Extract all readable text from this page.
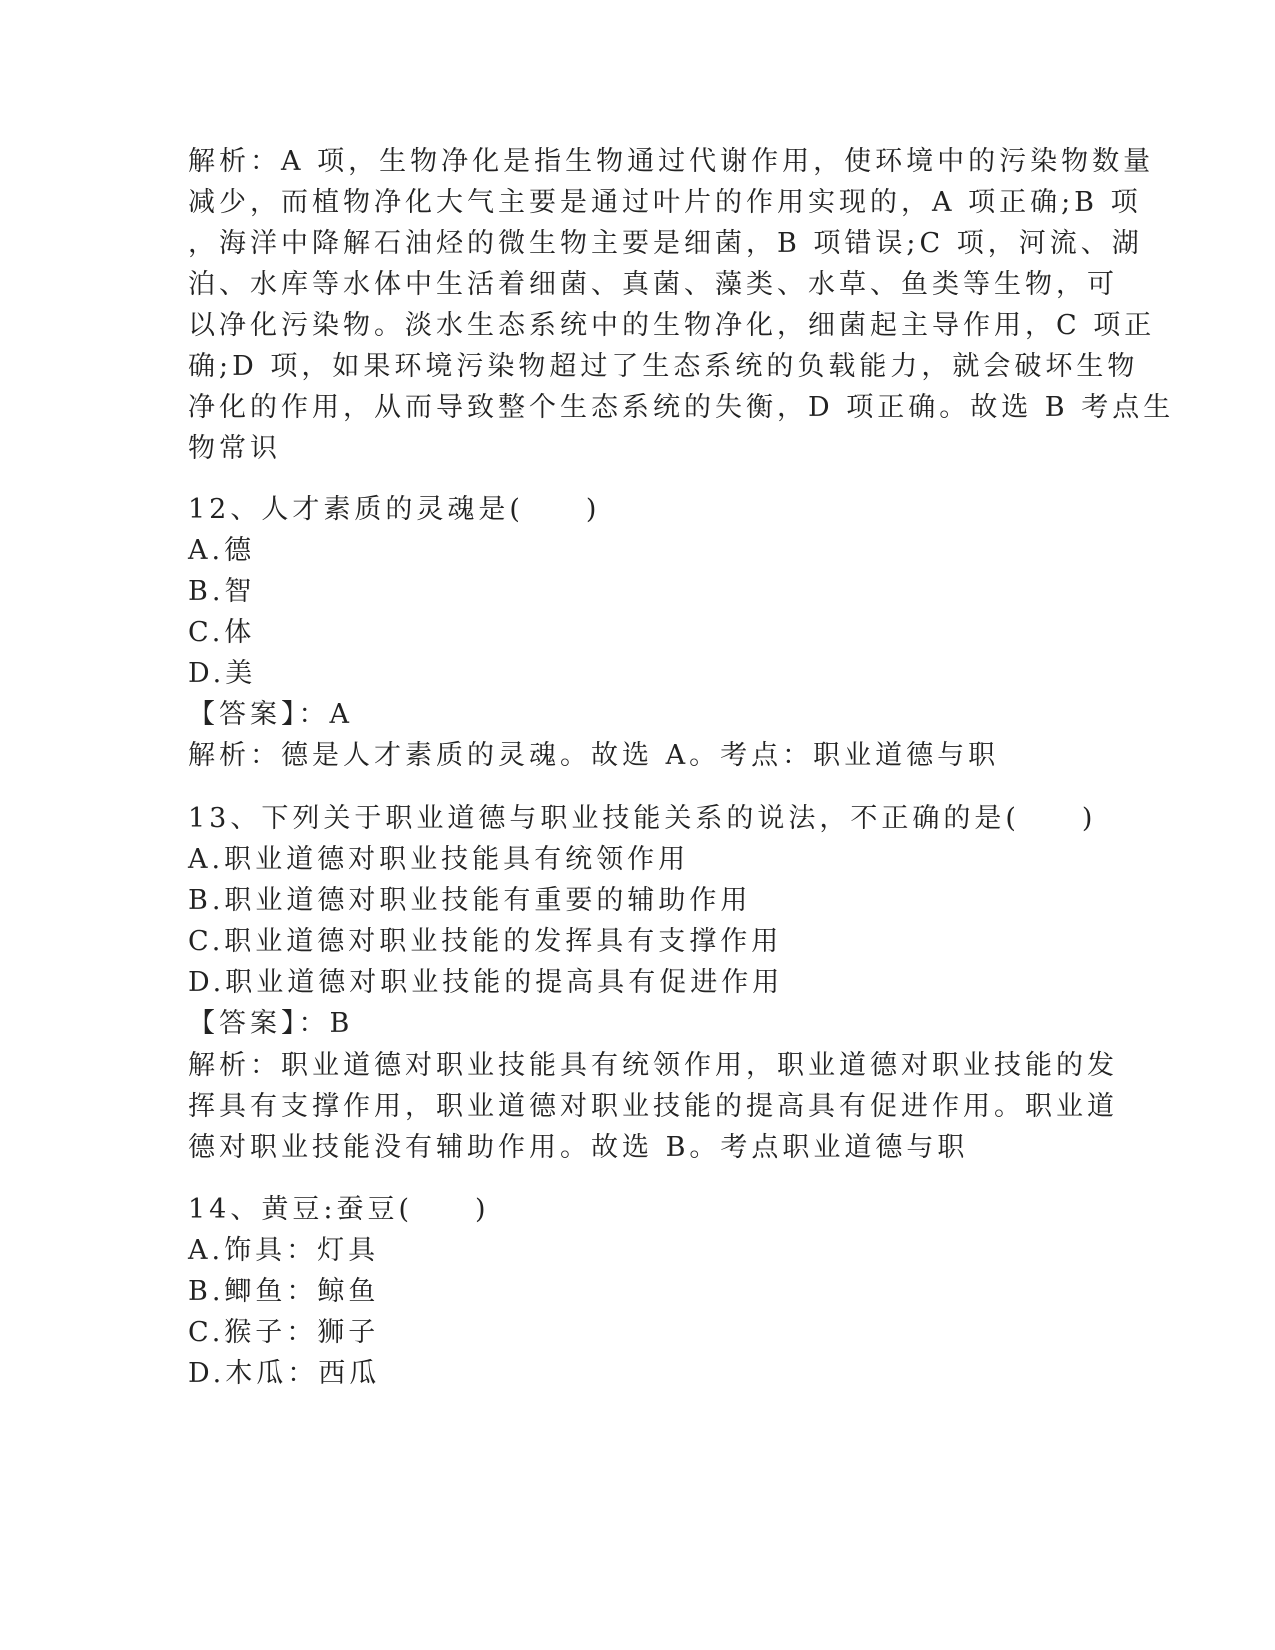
解析：A 项，生物净化是指生物通过代谢作用，使环境中的污染物数量
减少，而植物净化大气主要是通过叶片的作用实现的，A 项正确;B 项
，海洋中降解石油烃的微生物主要是细菌，B 项错误;C 项，河流、湖
泊、水库等水体中生活着细菌、真菌、藻类、水草、鱼类等生物，可
以净化污染物。淡水生态系统中的生物净化，细菌起主导作用，C 项正
确;D 项，如果环境污染物超过了生态系统的负载能力，就会破坏生物
净化的作用，从而导致整个生态系统的失衡，D 项正确。故选 B 考点生
物常识
12、人才素质的灵魂是(　　)
A.德
B.智
C.体
D.美
【答案】：A
解析：德是人才素质的灵魂。故选 A。考点：职业道德与职
13、下列关于职业道德与职业技能关系的说法，不正确的是(　　)
A.职业道德对职业技能具有统领作用
B.职业道德对职业技能有重要的辅助作用
C.职业道德对职业技能的发挥具有支撑作用
D.职业道德对职业技能的提高具有促进作用
【答案】：B
解析：职业道德对职业技能具有统领作用，职业道德对职业技能的发
挥具有支撑作用，职业道德对职业技能的提高具有促进作用。职业道
德对职业技能没有辅助作用。故选 B。考点职业道德与职
14、黄豆:蚕豆(　　)
A.饰具：灯具
B.鲫鱼：鲸鱼
C.猴子：狮子
D.木瓜：西瓜
